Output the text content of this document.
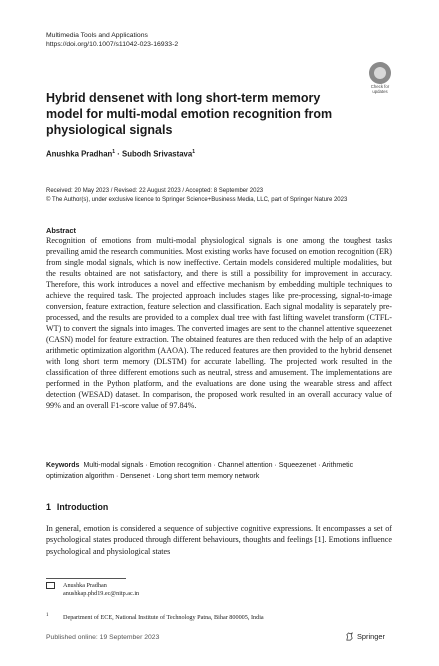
Multimedia Tools and Applications
https://doi.org/10.1007/s11042-023-16933-2
Check for
updates
Hybrid densenet with long short-term memory model for multi-modal emotion recognition from physiological signals
Anushka Pradhan$^1$ · Subodh Srivastava$^1$
Received: 20 May 2023 / Revised: 22 August 2023 / Accepted: 8 September 2023
© The Author(s), under exclusive licence to Springer Science+Business Media, LLC, part of Springer Nature 2023
Abstract
Recognition of emotions from multi-modal physiological signals is one among the toughest tasks prevailing amid the research communities. Most existing works have focused on emotion recognition (ER) from single modal signals, which is now ineffective. Certain models considered multiple modalities, but the results obtained are not satisfactory, and there is still a possibility for improvement in accuracy. Therefore, this work introduces a novel and effective mechanism by embedding multiple techniques to achieve the required task. The projected approach includes stages like pre-processing, signal-to-image conversion, feature extraction, feature selection and classification. Each signal modality is separately pre-processed, and the results are provided to a complex dual tree with fast lifting wavelet transform (CTFL-WT) to convert the signals into images. The converted images are sent to the channel attentive squeezenet (CASN) model for feature extraction. The obtained features are then reduced with the help of an adaptive arithmetic optimization algorithm (AAOA). The reduced features are then provided to the hybrid densenet with long short term memory (DLSTM) for accurate labelling. The projected work resulted in the classification of three different emotions such as neutral, stress and amusement. The implementations are performed in the Python platform, and the evaluations are done using the wearable stress and affect detection (WESAD) dataset. In comparison, the proposed work resulted in an overall accuracy value of 99% and an overall F1-score value of 97.84%.
Keywords Multi-modal signals · Emotion recognition · Channel attention · Squeezenet · Arithmetic optimization algorithm · Densenet · Long short term memory network
1 Introduction
In general, emotion is considered a sequence of subjective cognitive expressions. It encompasses a set of psychological states produced through different behaviours, thoughts and feelings [1]. Emotions influence psychological and physiological states
Anushka Pradhan
anushkap.phd19.ec@nitp.ac.in
1 Department of ECE, National Institute of Technology Patna, Bihar 800005, India
Published online: 19 September 2023	Springer
